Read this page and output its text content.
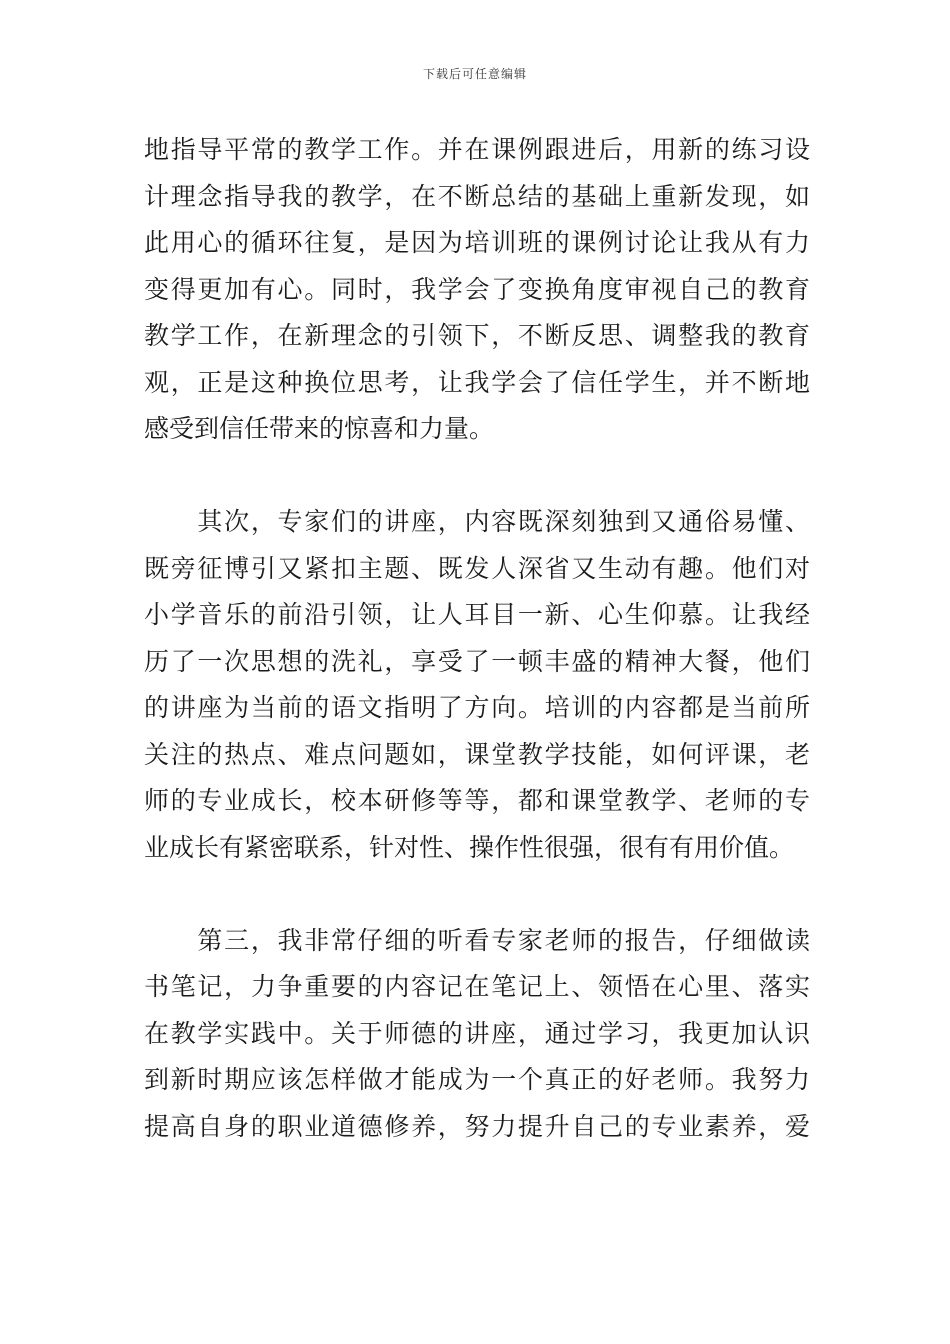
下载后可任意编辑
地指导平常的教学工作。并在课例跟进后，用新的练习设
计理念指导我的教学，在不断总结的基础上重新发现，如
此用心的循环往复，是因为培训班的课例讨论让我从有力
变得更加有心。同时，我学会了变换角度审视自己的教育
教学工作，在新理念的引领下，不断反思、调整我的教育
观，正是这种换位思考，让我学会了信任学生，并不断地
感受到信任带来的惊喜和力量。
　　其次，专家们的讲座，内容既深刻独到又通俗易懂、
既旁征博引又紧扣主题、既发人深省又生动有趣。他们对
小学音乐的前沿引领，让人耳目一新、心生仰慕。让我经
历了一次思想的洗礼，享受了一顿丰盛的精神大餐，他们
的讲座为当前的语文指明了方向。培训的内容都是当前所
关注的热点、难点问题如，课堂教学技能，如何评课，老
师的专业成长，校本研修等等，都和课堂教学、老师的专
业成长有紧密联系，针对性、操作性很强，很有有用价值。
　　第三，我非常仔细的听看专家老师的报告，仔细做读
书笔记，力争重要的内容记在笔记上、领悟在心里、落实
在教学实践中。关于师德的讲座，通过学习，我更加认识
到新时期应该怎样做才能成为一个真正的好老师。我努力
提高自身的职业道德修养，努力提升自己的专业素养，爱
